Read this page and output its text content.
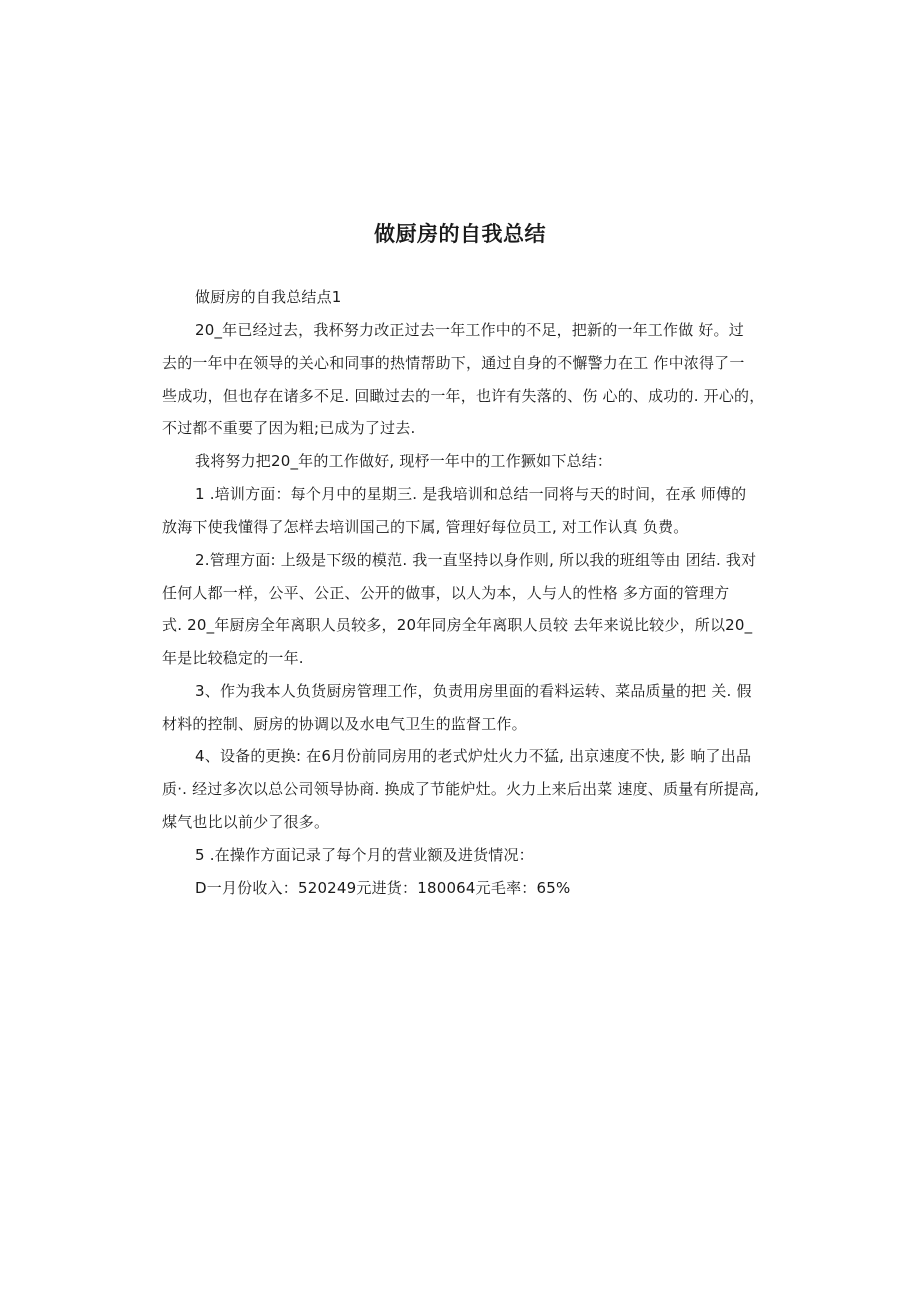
做厨房的自我总结

做厨房的自我总结点1

20_年已经过去，我杯努力改正过去一年工作中的不足，把新的一年工作做 好。过

去的一年中在领导的关心和同事的热情帮助下，通过自身的不懈警力在工 作中浓得了一

些成功，但也存在诸多不足. 回瞰过去的一年，也许有失落的、伤 心的、成功的. 开心的，

不过都不重要了因为粗;已成为了过去.

我将努力把20_年的工作做好, 现杼一年中的工作獗如下总结：

1 .培训方面：每个月中的星期三. 是我培训和总结一同将与天的时间，在承 师傅的

放海下使我懂得了怎样去培训国己的下属, 管理好每位员工, 对工作认真 负费。

2.管理方面: 上级是下级的模范. 我一直坚持以身作则, 所以我的班组等由 团结. 我对

任何人都一样，公平、公正、公开的做事，以人为本，人与人的性格 多方面的管理方

式. 20_年厨房全年离职人员较多，20年同房全年离职人员较 去年来说比较少，所以20_

年是比较稳定的一年.

3、作为我本人负货厨房管理工作，负责用房里面的看料运转、菜品质量的把 关. 假

材料的控制、厨房的协调以及水电气卫生的监督工作。

4、设备的更换: 在6月份前同房用的老式炉灶火力不猛, 出京速度不快, 影 晌了出品

质·. 经过多次以总公司领导协商. 换成了节能炉灶。火力上来后出菜 速度、质量有所提高,

煤气也比以前少了很多。

5 .在操作方面记录了每个月的营业额及进货情况：

D一月份收入：520249元进货：180064元毛率：65%
